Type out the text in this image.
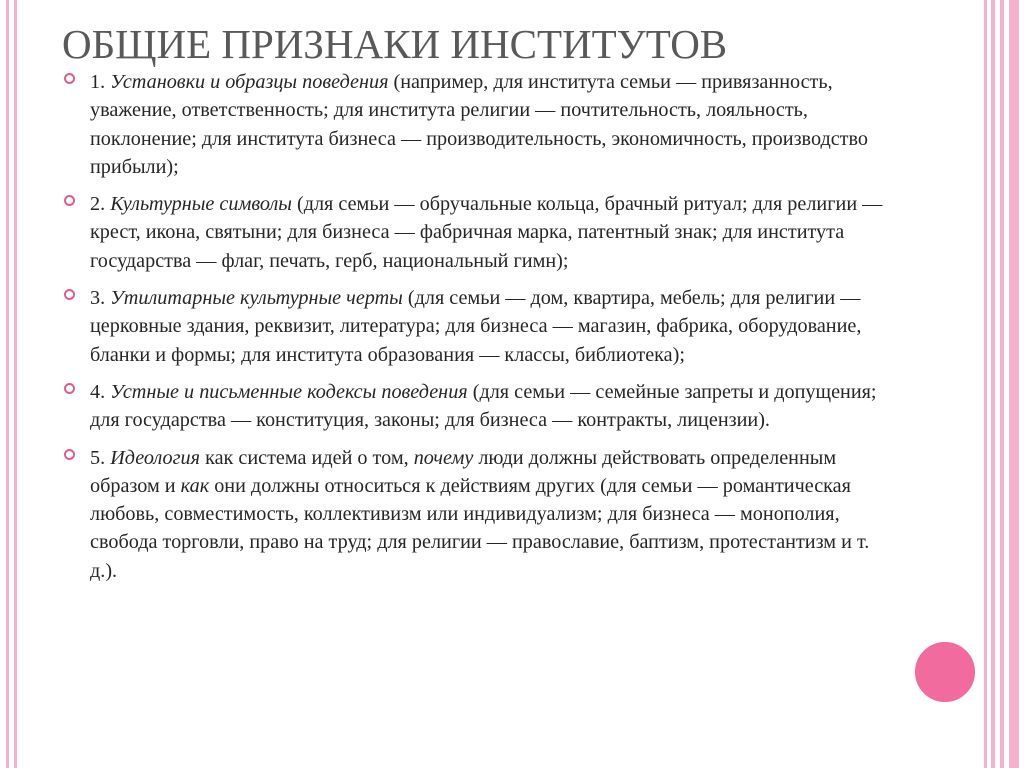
ОБЩИЕ ПРИЗНАКИ ИНСТИТУТОВ
1. Установки и образцы поведения (например, для института семьи — привязанность, уважение, ответственность; для института религии — почтительность, лояльность, поклонение; для института бизнеса — производительность, экономичность, производство прибыли);
2. Культурные символы (для семьи — обручальные кольца, брачный ритуал; для религии — крест, икона, святыни; для бизнеса — фабричная марка, патентный знак; для института государства — флаг, печать, герб, национальный гимн);
3. Утилитарные культурные черты (для семьи — дом, квартира, мебель; для религии — церковные здания, реквизит, литература; для бизнеса — магазин, фабрика, оборудование, бланки и формы; для института образования — классы, библиотека);
4. Устные и письменные кодексы поведения (для семьи — семейные запреты и допущения; для государства — конституция, законы; для бизнеса — контракты, лицензии).
5. Идеология как система идей о том, почему люди должны действовать определенным образом и как они должны относиться к действиям других (для семьи — романтическая любовь, совместимость, коллективизм или индивидуализм; для бизнеса — монополия, свобода торговли, право на труд; для религии — православие, баптизм, протестантизм и т. д.).
